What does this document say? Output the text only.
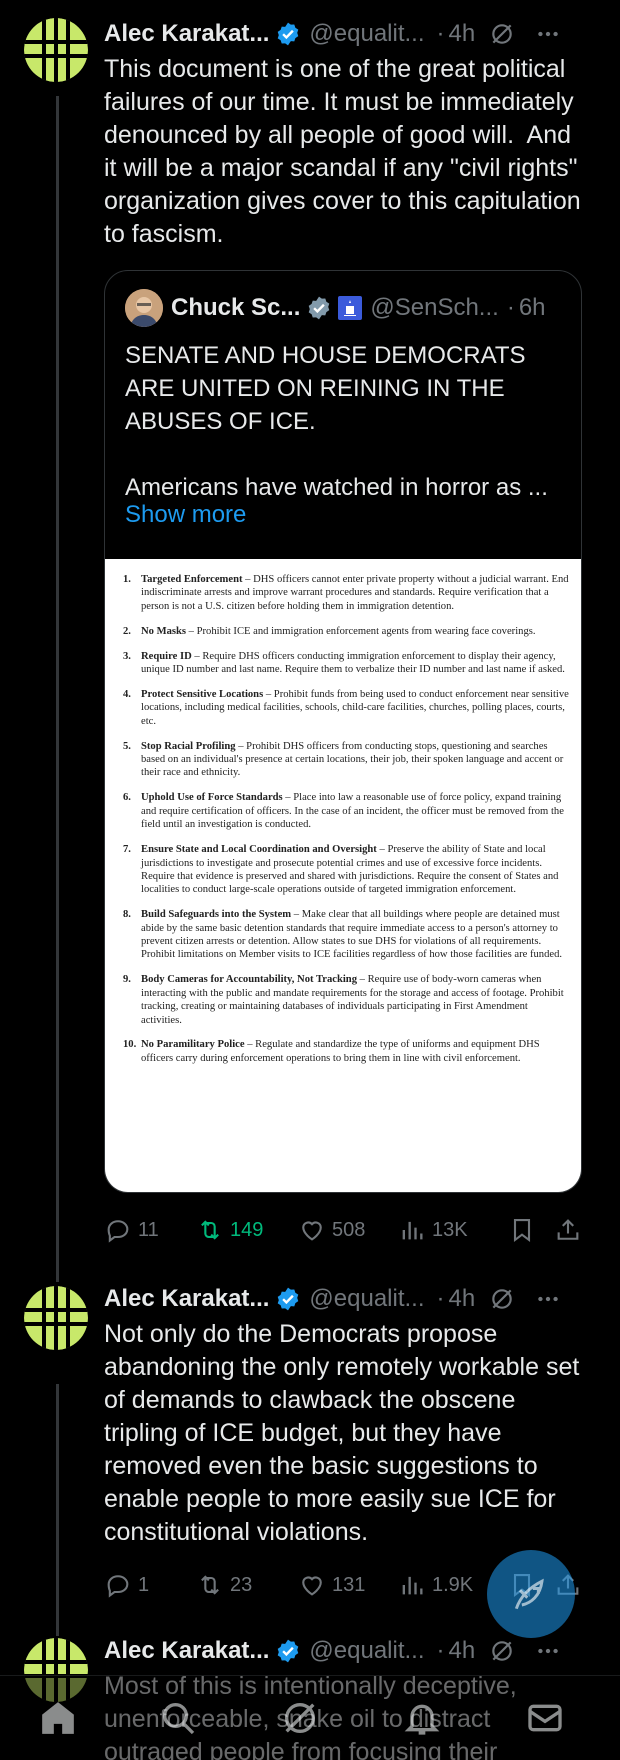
Alec Karakat... @equalit... · 4h
This document is one of the great political failures of our time. It must be immediately denounced by all people of good will.  And it will be a major scandal if any "civil rights" organization gives cover to this capitulation to fascism.
Chuck Sc...	@SenSch... · 6h
SENATE AND HOUSE DEMOCRATS ARE UNITED ON REINING IN THE ABUSES OF ICE.

Americans have watched in horror as ...
Show more
1. Targeted Enforcement – DHS officers cannot enter private property without a judicial warrant. End indiscriminate arrests and improve warrant procedures and standards. Require verification that a person is not a U.S. citizen before holding them in immigration detention.
2. No Masks – Prohibit ICE and immigration enforcement agents from wearing face coverings.
3. Require ID – Require DHS officers conducting immigration enforcement to display their agency, unique ID number and last name. Require them to verbalize their ID number and last name if asked.
4. Protect Sensitive Locations – Prohibit funds from being used to conduct enforcement near sensitive locations, including medical facilities, schools, child-care facilities, churches, polling places, courts, etc.
5. Stop Racial Profiling – Prohibit DHS officers from conducting stops, questioning and searches based on an individual's presence at certain locations, their job, their spoken language and accent or their race and ethnicity.
6. Uphold Use of Force Standards – Place into law a reasonable use of force policy, expand training and require certification of officers. In the case of an incident, the officer must be removed from the field until an investigation is conducted.
7. Ensure State and Local Coordination and Oversight – Preserve the ability of State and local jurisdictions to investigate and prosecute potential crimes and use of excessive force incidents. Require that evidence is preserved and shared with jurisdictions. Require the consent of States and localities to conduct large-scale operations outside of targeted immigration enforcement.
8. Build Safeguards into the System – Make clear that all buildings where people are detained must abide by the same basic detention standards that require immediate access to a person's attorney to prevent citizen arrests or detention. Allow states to sue DHS for violations of all requirements. Prohibit limitations on Member visits to ICE facilities regardless of how those facilities are funded.
9. Body Cameras for Accountability, Not Tracking – Require use of body-worn cameras when interacting with the public and mandate requirements for the storage and access of footage. Prohibit tracking, creating or maintaining databases of individuals participating in First Amendment activities.
10. No Paramilitary Police – Regulate and standardize the type of uniforms and equipment DHS officers carry during enforcement operations to bring them in line with civil enforcement.
11	149	508	13K
Alec Karakat... @equalit... · 4h
Not only do the Democrats propose abandoning the only remotely workable set of demands to clawback the obscene tripling of ICE budget, but they have removed even the basic suggestions to enable people to more easily sue ICE for constitutional violations.
1	23	131	1.9K
Alec Karakat... @equalit... · 4h
